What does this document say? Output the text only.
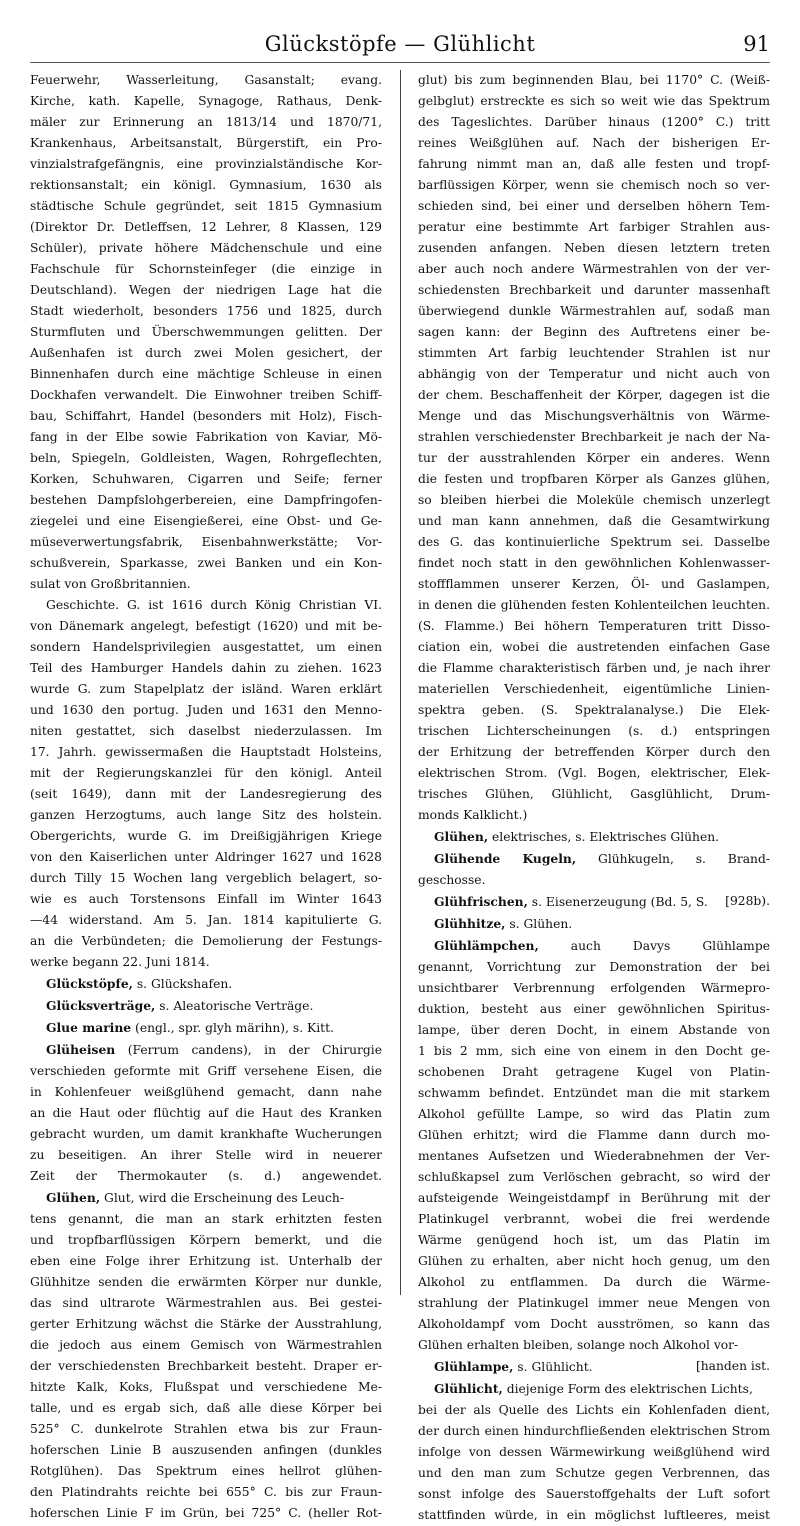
Glückstöpfe — Glühlicht	91
Feuerwehr, Wasserleitung, Gasanstalt; evang.
Kirche, kath. Kapelle, Synagoge, Rathaus, Denk-
mäler zur Erinnerung an 1813/14 und 1870/71,
Krankenhaus, Arbeitsanstalt, Bürgerstift, ein Pro-
vinzialstrafgefängnis, eine provinzialständische Kor-
rektionsanstalt; ein königl. Gymnasium, 1630 als
städtische Schule gegründet, seit 1815 Gymnasium
(Direktor Dr. Detleffsen, 12 Lehrer, 8 Klassen, 129
Schüler), private höhere Mädchenschule und eine
Fachschule für Schornsteinfeger (die einzige in
Deutschland). Wegen der niedrigen Lage hat die
Stadt wiederholt, besonders 1756 und 1825, durch
Sturmfluten und Überschwemmungen gelitten. Der
Außenhafen ist durch zwei Molen gesichert, der
Binnenhafen durch eine mächtige Schleuse in einen
Dockhafen verwandelt. Die Einwohner treiben Schiff-
bau, Schiffahrt, Handel (besonders mit Holz), Fisch-
fang in der Elbe sowie Fabrikation von Kaviar, Mö-
beln, Spiegeln, Goldleisten, Wagen, Rohrgeflechten,
Korken, Schuhwaren, Cigarren und Seife; ferner
bestehen Dampfslohgerbereien, eine Dampfringofen-
ziegelei und eine Eisengießerei, eine Obst- und Ge-
müseverwertungsfabrik, Eisenbahnwerkstätte; Vor-
schußverein, Sparkasse, zwei Banken und ein Kon-
sulat von Großbritannien.
Geschichte. G. ist 1616 durch König Christian VI.
von Dänemark angelegt, befestigt (1620) und mit be-
sondern Handelsprivilegien ausgestattet, um einen
Teil des Hamburger Handels dahin zu ziehen. 1623
wurde G. zum Stapelplatz der isländ. Waren erklärt
und 1630 den portug. Juden und 1631 den Menno-
niten gestattet, sich daselbst niederzulassen. Im
17. Jahrh. gewissermaßen die Hauptstadt Holsteins,
mit der Regierungskanzlei für den königl. Anteil
(seit 1649), dann mit der Landesregierung des
ganzen Herzogtums, auch lange Sitz des holstein.
Obergerichts, wurde G. im Dreißigjährigen Kriege
von den Kaiserlichen unter Aldringer 1627 und 1628
durch Tilly 15 Wochen lang vergeblich belagert, so-
wie es auch Torstensons Einfall im Winter 1643
—44 widerstand. Am 5. Jan. 1814 kapitulierte G.
an die Verbündeten; die Demolierung der Festungs-
werke begann 22. Juni 1814.
Glückstöpfe, s. Glückshafen.
Glücksverträge, s. Aleatorische Verträge.
Glue marine (engl., spr. glyh märihn), s. Kitt.
Glüheisen (Ferrum candens), in der Chirurgie
verschieden geformte mit Griff versehene Eisen, die
in Kohlenfeuer weißglühend gemacht, dann nahe
an die Haut oder flüchtig auf die Haut des Kranken
gebracht wurden, um damit krankhafte Wucherungen
zu beseitigen. An ihrer Stelle wird in neuerer
Zeit der Thermokauter (s. d.) angewendet.
Glühen, Glut, wird die Erscheinung des Leuch-
tens genannt, die man an stark erhitzten festen
und tropfbarflüssigen Körpern bemerkt, und die
eben eine Folge ihrer Erhitzung ist. Unterhalb der
Glühhitze senden die erwärmten Körper nur dunkle,
das sind ultrarote Wärmestrahlen aus. Bei gestei-
gerter Erhitzung wächst die Stärke der Ausstrahlung,
die jedoch aus einem Gemisch von Wärmestrahlen
der verschiedensten Brechbarkeit besteht. Draper er-
hitzte Kalk, Koks, Flußspat und verschiedene Me-
talle, und es ergab sich, daß alle diese Körper bei
525° C. dunkelrote Strahlen etwa bis zur Fraun-
hoferschen Linie B auszusenden anfingen (dunkles
Rotglühen). Das Spektrum eines hellrot glühen-
den Platindrahts reichte bei 655° C. bis zur Fraun-
hoferschen Linie F im Grün, bei 725° C. (heller Rot-
glut) bis zum beginnenden Blau, bei 1170° C. (Weiß-
gelbglut) erstreckte es sich so weit wie das Spektrum
des Tageslichtes. Darüber hinaus (1200° C.) tritt
reines Weißglühen auf. Nach der bisherigen Er-
fahrung nimmt man an, daß alle festen und tropf-
barflüssigen Körper, wenn sie chemisch noch so ver-
schieden sind, bei einer und derselben höhern Tem-
peratur eine bestimmte Art farbiger Strahlen aus-
zusenden anfangen. Neben diesen letztern treten
aber auch noch andere Wärmestrahlen von der ver-
schiedensten Brechbarkeit und darunter massenhaft
überwiegend dunkle Wärmestrahlen auf, sodaß man
sagen kann: der Beginn des Auftretens einer be-
stimmten Art farbig leuchtender Strahlen ist nur
abhängig von der Temperatur und nicht auch von
der chem. Beschaffenheit der Körper, dagegen ist die
Menge und das Mischungsverhältnis von Wärme-
strahlen verschiedenster Brechbarkeit je nach der Na-
tur der ausstrahlenden Körper ein anderes. Wenn
die festen und tropfbaren Körper als Ganzes glühen,
so bleiben hierbei die Moleküle chemisch unzerlegt
und man kann annehmen, daß die Gesamtwirkung
des G. das kontinuierliche Spektrum sei. Dasselbe
findet noch statt in den gewöhnlichen Kohlenwasser-
stoffflammen unserer Kerzen, Öl- und Gaslampen,
in denen die glühenden festen Kohlenteilchen leuchten.
(S. Flamme.) Bei höhern Temperaturen tritt Disso-
ciation ein, wobei die austretenden einfachen Gase
die Flamme charakteristisch färben und, je nach ihrer
materiellen Verschiedenheit, eigentümliche Linien-
spektra geben. (S. Spektralanalyse.) Die Elek-
trischen Lichterscheinungen (s. d.) entspringen
der Erhitzung der betreffenden Körper durch den
elektrischen Strom. (Vgl. Bogen, elektrischer, Elek-
trisches Glühen, Glühlicht, Gasglühlicht, Drum-
monds Kalklicht.)
Glühen, elektrisches, s. Elektrisches Glühen.
Glühende Kugeln, Glühkugeln, s. Brand-
geschosse.
Glühfrischen, s. Eisenerzeugung (Bd. 5, S. [928b).
Glühhitze, s. Glühen.
Glühlämpchen, auch Davys Glühlampe
genannt, Vorrichtung zur Demonstration der bei
unsichtbarer Verbrennung erfolgenden Wärmepro-
duktion, besteht aus einer gewöhnlichen Spiritus-
lampe, über deren Docht, in einem Abstande von
1 bis 2 mm, sich eine von einem in den Docht ge-
schobenen Draht getragene Kugel von Platin-
schwamm befindet. Entzündet man die mit starkem
Alkohol gefüllte Lampe, so wird das Platin zum
Glühen erhitzt; wird die Flamme dann durch mo-
mentanes Aufsetzen und Wiederabnehmen der Ver-
schlußkapsel zum Verlöschen gebracht, so wird der
aufsteigende Weingeistdampf in Berührung mit der
Platinkugel verbrannt, wobei die frei werdende
Wärme genügend hoch ist, um das Platin im
Glühen zu erhalten, aber nicht hoch genug, um den
Alkohol zu entflammen. Da durch die Wärme-
strahlung der Platinkugel immer neue Mengen von
Alkoholdampf vom Docht ausströmen, so kann das
Glühen erhalten bleiben, solange noch Alkohol vor-
[handen ist.
Glühlampe, s. Glühlicht.
Glühlicht, diejenige Form des elektrischen Lichts,
bei der als Quelle des Lichts ein Kohlenfaden dient,
der durch einen hindurchfließenden elektrischen Strom
infolge von dessen Wärmewirkung weißglühend wird
und den man zum Schutze gegen Verbrennen, das
sonst infolge des Sauerstoffgehalts der Luft sofort
stattfinden würde, in ein möglichst luftleeres, meist
